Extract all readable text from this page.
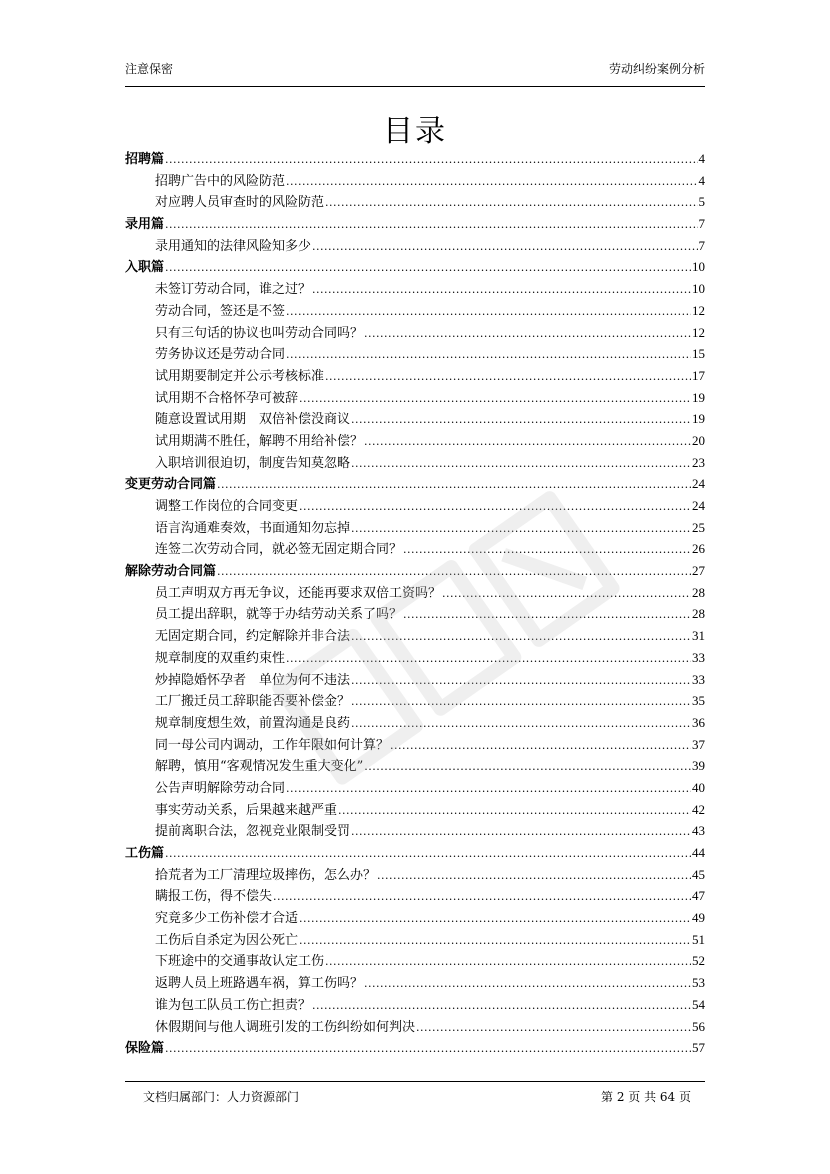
注意保密	劳动纠纷案例分析
目录
招聘篇 .....	4
招聘广告中的风险防范 .....	4
对应聘人员审查时的风险防范 .....	5
录用篇 .....	7
录用通知的法律风险知多少 .....	7
入职篇 .....	10
未签订劳动合同，谁之过？ .....	10
劳动合同，签还是不签 .....	12
只有三句话的协议也叫劳动合同吗？ .....	12
劳务协议还是劳动合同 .....	15
试用期要制定并公示考核标准 .....	17
试用期不合格怀孕可被辞 .....	19
随意设置试用期　双倍补偿没商议 .....	19
试用期满不胜任，解聘不用给补偿？ .....	20
入职培训很迫切，制度告知莫忽略 .....	23
变更劳动合同篇 .....	24
调整工作岗位的合同变更 .....	24
语言沟通难奏效，书面通知勿忘掉 .....	25
连签二次劳动合同，就必签无固定期合同？ .....	26
解除劳动合同篇 .....	27
员工声明双方再无争议，还能再要求双倍工资吗？ .....	28
员工提出辞职，就等于办结劳动关系了吗？ .....	28
无固定期合同，约定解除并非合法 .....	31
规章制度的双重约束性 .....	33
炒掉隐婚怀孕者　单位为何不违法 .....	33
工厂搬迁员工辞职能否要补偿金？ .....	35
规章制度想生效，前置沟通是良药 .....	36
同一母公司内调动，工作年限如何计算？ .....	37
解聘，慎用“客观情况发生重大变化” .....	39
公告声明解除劳动合同 .....	40
事实劳动关系，后果越来越严重 .....	42
提前离职合法，忽视竞业限制受罚 .....	43
工伤篇 .....	44
拾荒者为工厂清理垃圾摔伤，怎么办？ .....	45
瞒报工伤，得不偿失 .....	47
究竟多少工伤补偿才合适 .....	49
工伤后自杀定为因公死亡 .....	51
下班途中的交通事故认定工伤 .....	52
返聘人员上班路遇车祸，算工伤吗？ .....	53
谁为包工队员工伤亡担责？ .....	54
休假期间与他人调班引发的工伤纠纷如何判决 .....	56
保险篇 .....	57
文档归属部门：人力资源部门	第 2 页 共 64 页
